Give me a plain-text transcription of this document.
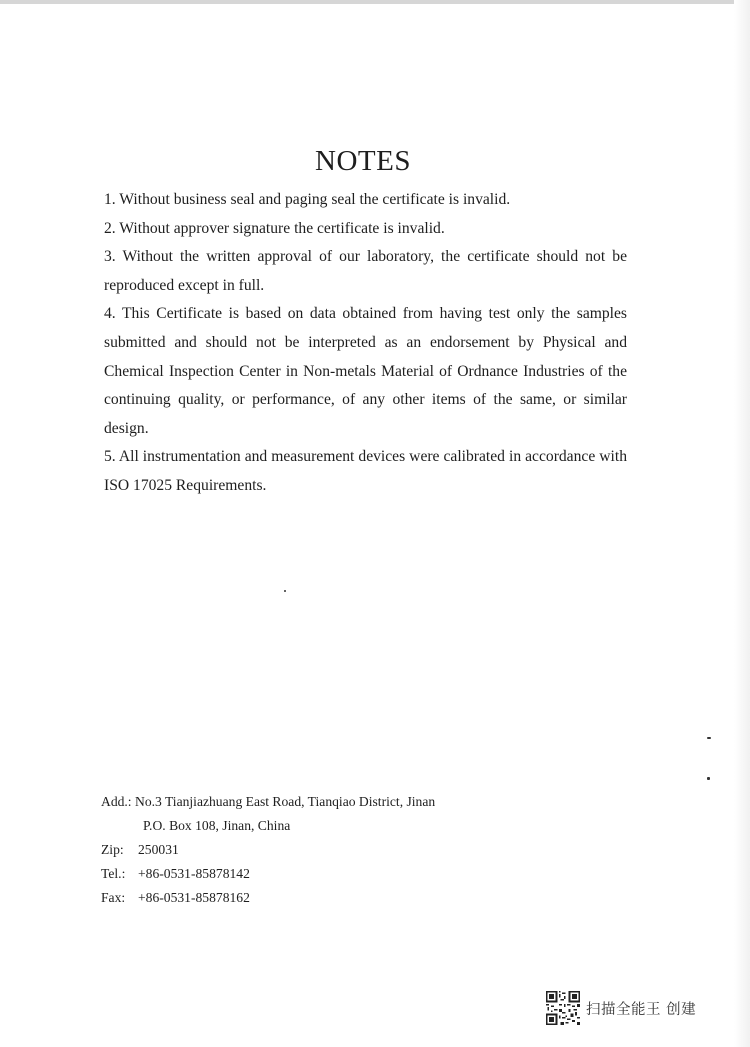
NOTES

1. Without business seal and paging seal the certificate is invalid.

2. Without approver signature the certificate is invalid.

3. Without the written approval of our laboratory, the certificate should not be reproduced except in full.

4. This Certificate is based on data obtained from having test only the samples submitted and should not be interpreted as an endorsement by Physical and Chemical Inspection Center in Non-metals Material of Ordnance Industries of the continuing quality, or performance, of any other items of the same, or similar design.

5. All instrumentation and measurement devices were calibrated in accordance with ISO 17025 Requirements.

Add.: No.3 Tianjiazhuang East Road, Tianqiao District, Jinan
P.O. Box 108, Jinan, China
Zip: 250031
Tel.: +86-0531-85878142
Fax: +86-0531-85878162
扫描全能王 创建
